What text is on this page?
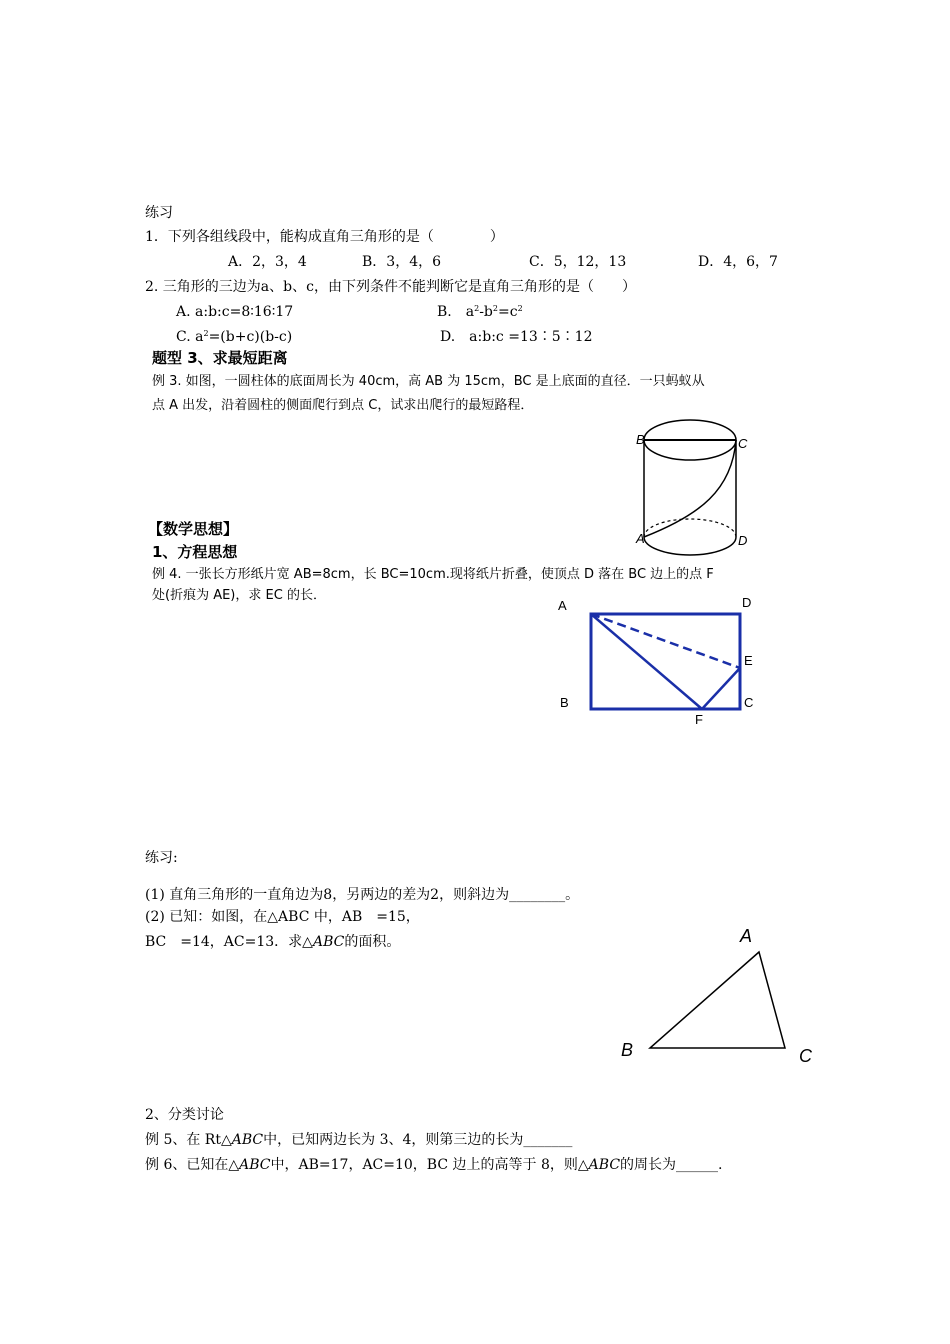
练习
1．下列各组线段中，能构成直角三角形的是（　　　　）
A．2，3，4	B．3，4，6	C．5，12，13	D．4，6，7
2. 三角形的三边为a、b、c，由下列条件不能判断它是直角三角形的是（　　）
A. a:b:c=8∶16∶17	B.　$a^2-b^2=c^2$
C. $a^2=(b+c)(b-c)$	D.　a:b:c =13∶5∶12
题型 3、求最短距离
例 3. 如图，一圆柱体的底面周长为 40cm，高 AB 为 15cm，BC 是上底面的直径．一只蚂蚁从
点 A 出发，沿着圆柱的侧面爬行到点 C，试求出爬行的最短路程．
B	C
A	D
【数学思想】
1、方程思想
例 4. 一张长方形纸片宽 AB=8cm，长 BC=10cm.现将纸片折叠，使顶点 D 落在 BC 边上的点 F
处(折痕为 AE)，求 EC 的长．
A	D
E
B	C
F
练习:
(1) 直角三角形的一直角边为8，另两边的差为2，则斜边为________。
(2) 已知：如图，在△ABC 中，AB　=15，
BC　=14，AC=13．求△ABC的面积。	A
B	C
2、分类讨论
例 5、在 Rt△ABC中，已知两边长为 3、4，则第三边的长为_______
例 6、已知在△ABC中，AB=17，AC=10，BC 边上的高等于 8，则△ABC的周长为______.
